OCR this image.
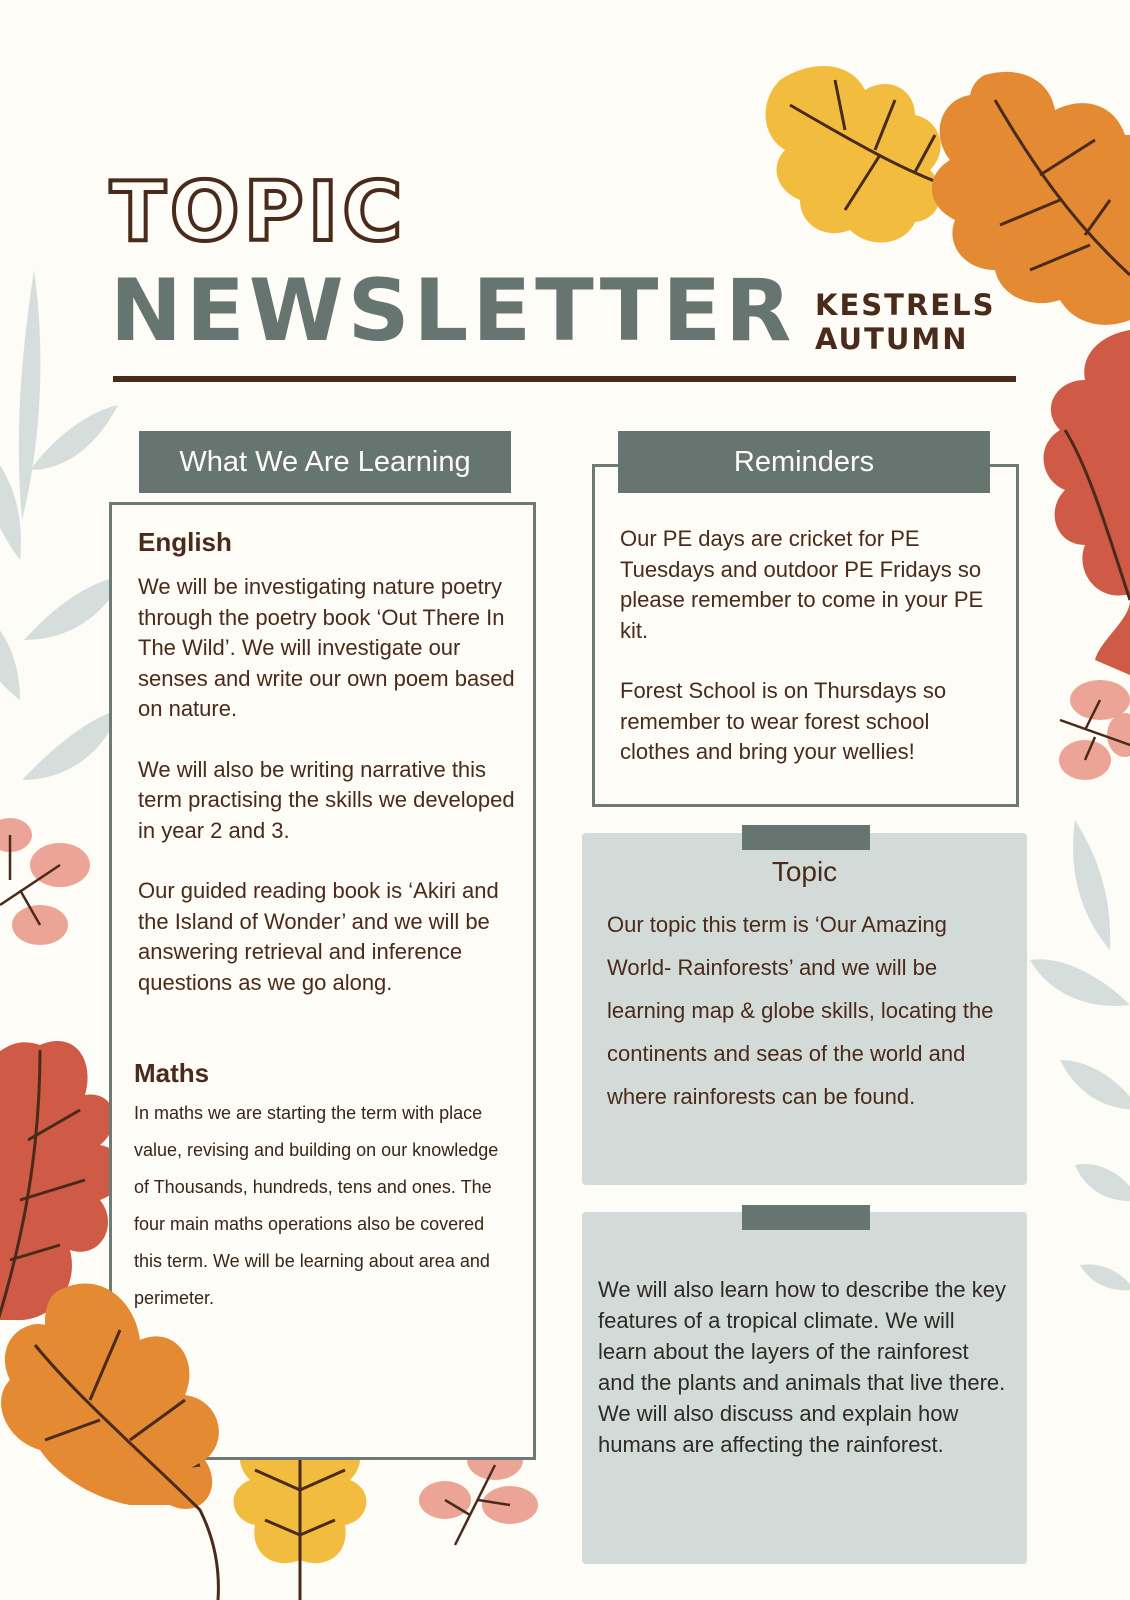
TOPIC
NEWSLETTER KESTRELS
AUTUMN
What We Are Learning
English

We will be investigating nature poetry through the poetry book ‘Out There In The Wild’. We will investigate our senses and write our own poem based on nature.

We will also be writing narrative this term practising the skills we developed in year 2 and 3.

Our guided reading book is ‘Akiri and the Island of Wonder’ and we will be answering retrieval and inference questions as we go along.

Maths
In maths we are starting the term with place value, revising and building on our knowledge of Thousands, hundreds, tens and ones. The four main maths operations also be covered this term. We will be learning about area and perimeter.
Reminders

Our PE days are cricket for PE Tuesdays and outdoor PE Fridays so please remember to come in your PE kit.

Forest School is on Thursdays so remember to wear forest school clothes and bring your wellies!

Topic
Our topic this term is ‘Our Amazing World- Rainforests’ and we will be learning map & globe skills, locating the continents and seas of the world and where rainforests can be found.
We will also learn how to describe the key features of a tropical climate. We will learn about the layers of the rainforest and the plants and animals that live there. We will also discuss and explain how humans are affecting the rainforest.
